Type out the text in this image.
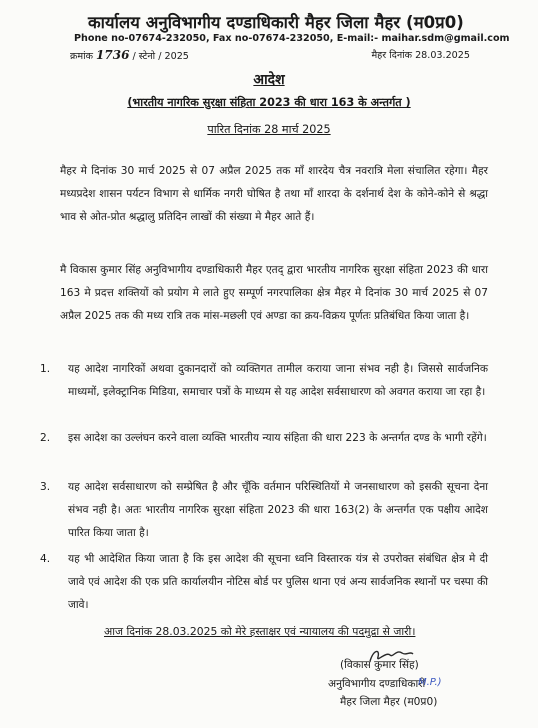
कार्यालय अनुविभागीय दण्डाधिकारी मैहर जिला मैहर (म0प्र0)
Phone no-07674-232050, Fax no-07674-232050, E-mail:- maihar.sdm@gmail.com
क्रमांक 1736 / स्टेनो / 2025	मैहर दिनांक 28.03.2025
आदेश
(भारतीय नागरिक सुरक्षा संहिता 2023 की धारा 163 के अन्तर्गत )
पारित दिनांक 28 मार्च 2025
मैहर मे दिनांक 30 मार्च 2025 से 07 अप्रैल 2025 तक माँ शारदेय चैत्र नवरात्रि मेला संचालित रहेगा। मैहर मध्यप्रदेश शासन पर्यटन विभाग से धार्मिक नगरी घोषित है तथा माँ शारदा के दर्शनार्थ देश के कोने-कोने से श्रद्धा भाव से ओत-प्रोत श्रद्धालु प्रतिदिन लाखों की संख्या मे मैहर आते हैं।
मै विकास कुमार सिंह अनुविभागीय दण्डाधिकारी मैहर एतद् द्वारा भारतीय नागरिक सुरक्षा संहिता 2023 की धारा 163 मे प्रदत्त शक्तियों को प्रयोग मे लाते हुए सम्पूर्ण नगरपालिका क्षेत्र मैहर मे दिनांक 30 मार्च 2025 से 07 अप्रैल 2025 तक की मध्य रात्रि तक मांस-मछली एवं अण्डा का क्रय-विक्रय पूर्णतः प्रतिबंधित किया जाता है।
1.	यह आदेश नागरिकों अथवा दुकानदारों को व्यक्तिगत तामील कराया जाना संभव नही है। जिससे सार्वजनिक माध्यमों, इलेक्ट्रानिक मिडिया, समाचार पत्रों के माध्यम से यह आदेश सर्वसाधारण को अवगत कराया जा रहा है।
2.	इस आदेश का उल्लंघन करने वाला व्यक्ति भारतीय न्याय संहिता की धारा 223 के अन्तर्गत दण्ड के भागी रहेंगे।
3.	यह आदेश सर्वसाधारण को सम्प्रेषित है और चूँकि वर्तमान परिस्थितियों मे जनसाधारण को इसकी सूचना देना संभव नही है। अतः भारतीय नागरिक सुरक्षा संहिता 2023 की धारा 163(2) के अन्तर्गत एक पक्षीय आदेश पारित किया जाता है।
4.	यह भी आदेशित किया जाता है कि इस आदेश की सूचना ध्वनि विस्तारक यंत्र से उपरोक्त संबंधित क्षेत्र मे दी जावे एवं आदेश की एक प्रति कार्यालयीन नोटिस बोर्ड पर पुलिस थाना एवं अन्य सार्वजनिक स्थानों पर चस्पा की जावे।
आज दिनांक 28.03.2025 को मेरे हस्ताक्षर एवं न्यायालय की पदमुद्रा से जारी।
(विकास कुमार सिंह)
अनुविभागीय दण्डाधिकारी
M.P.)
मैहर जिला मैहर (म0प्र0)
